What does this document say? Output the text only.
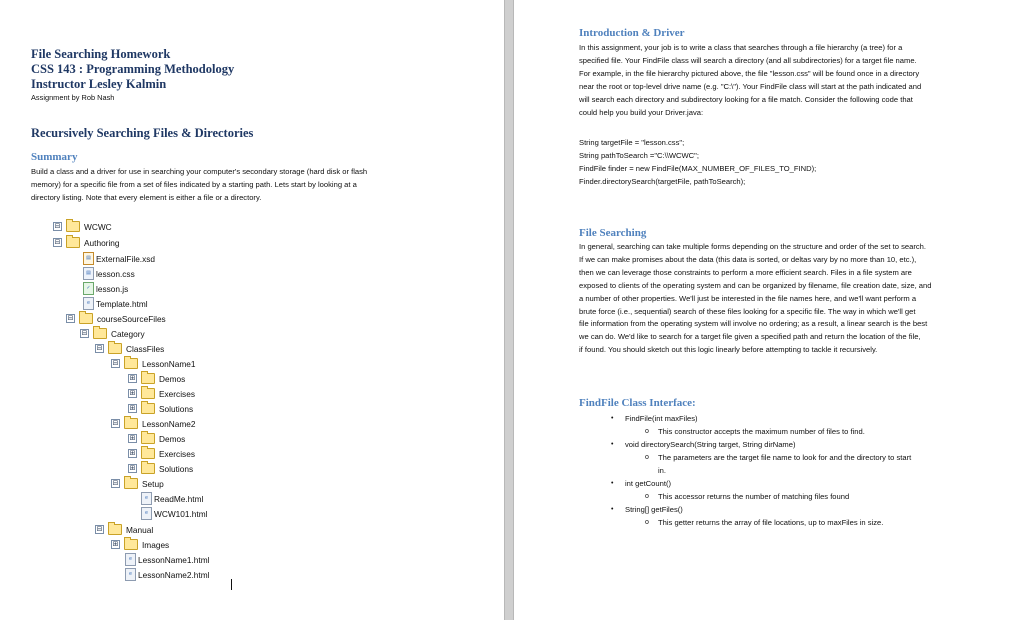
File Searching Homework
CSS 143 : Programming Methodology
Instructor Lesley Kalmin
Assignment by Rob Nash
Recursively Searching Files & Directories
Summary
Build a class and a driver for use in searching your computer's secondary storage (hard disk or flash
memory) for a specific file from a set of files indicated by a starting path. Lets start by looking at a
directory listing. Note that every element is either a file or a directory.
⊟	WCWC
⊟	Authoring
▤ ExternalFile.xsd
▤ lesson.css
✓ lesson.js
e Template.html
⊟	courseSourceFiles
⊟	Category
⊟	ClassFiles
⊟	LessonName1
⊞	Demos
⊞	Exercises
⊞	Solutions
⊟	LessonName2
⊞	Demos
⊞	Exercises
⊞	Solutions
⊟	Setup
e ReadMe.html
e WCW101.html
⊟	Manual
⊞	Images
e LessonName1.html
e LessonName2.html
Introduction & Driver
In this assignment, your job is to write a class that searches through a file hierarchy (a tree) for a
specified file. Your FindFile class will search a directory (and all subdirectories) for a target file name.
For example, in the file hierarchy pictured above, the file "lesson.css" will be found once in a directory
near the root or top-level drive name (e.g. "C:\"). Your FindFile class will start at the path indicated and
will search each directory and subdirectory looking for a file match. Consider the following code that
could help you build your Driver.java:
String targetFile = "lesson.css";
String pathToSearch ="C:\\WCWC";
FindFile finder = new FindFile(MAX_NUMBER_OF_FILES_TO_FIND);
Finder.directorySearch(targetFile, pathToSearch);
File Searching
In general, searching can take multiple forms depending on the structure and order of the set to search.
If we can make promises about the data (this data is sorted, or deltas vary by no more than 10, etc.),
then we can leverage those constraints to perform a more efficient search. Files in a file system are
exposed to clients of the operating system and can be organized by filename, file creation date, size, and
a number of other properties. We'll just be interested in the file names here, and we'll want perform a
brute force (i.e., sequential) search of these files looking for a specific file. The way in which we'll get
file information from the operating system will involve no ordering; as a result, a linear search is the best
we can do. We'd like to search for a target file given a specified path and return the location of the file,
if found. You should sketch out this logic linearly before attempting to tackle it recursively.
FindFile Class Interface:
• FindFile(int maxFiles)
o This constructor accepts the maximum number of files to find.
• void directorySearch(String target, String dirName)
o The parameters are the target file name to look for and the directory to start
in.
• int getCount()
o This accessor returns the number of matching files found
• String[] getFiles()
o This getter returns the array of file locations, up to maxFiles in size.
